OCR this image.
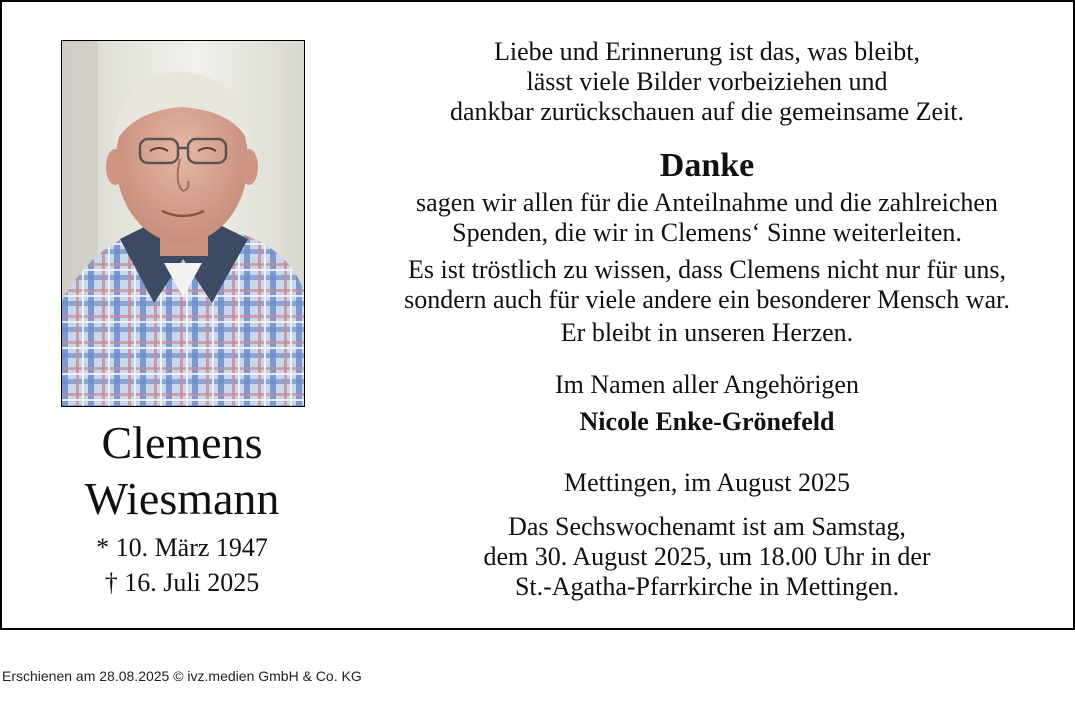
Clemens
Wiesmann
* 10. März 1947
† 16. Juli 2025
Liebe und Erinnerung ist das, was bleibt,
lässt viele Bilder vorbeiziehen und
dankbar zurückschauen auf die gemeinsame Zeit.
Danke
sagen wir allen für die Anteilnahme und die zahlreichen
Spenden, die wir in Clemens‘ Sinne weiterleiten.
Es ist tröstlich zu wissen, dass Clemens nicht nur für uns,
sondern auch für viele andere ein besonderer Mensch war.
Er bleibt in unseren Herzen.
Im Namen aller Angehörigen
Nicole Enke-Grönefeld
Mettingen, im August 2025
Das Sechswochenamt ist am Samstag,
dem 30. August 2025, um 18.00 Uhr in der
St.-Agatha-Pfarrkirche in Mettingen.
Erschienen am 28.08.2025 © ivz.medien GmbH & Co. KG
